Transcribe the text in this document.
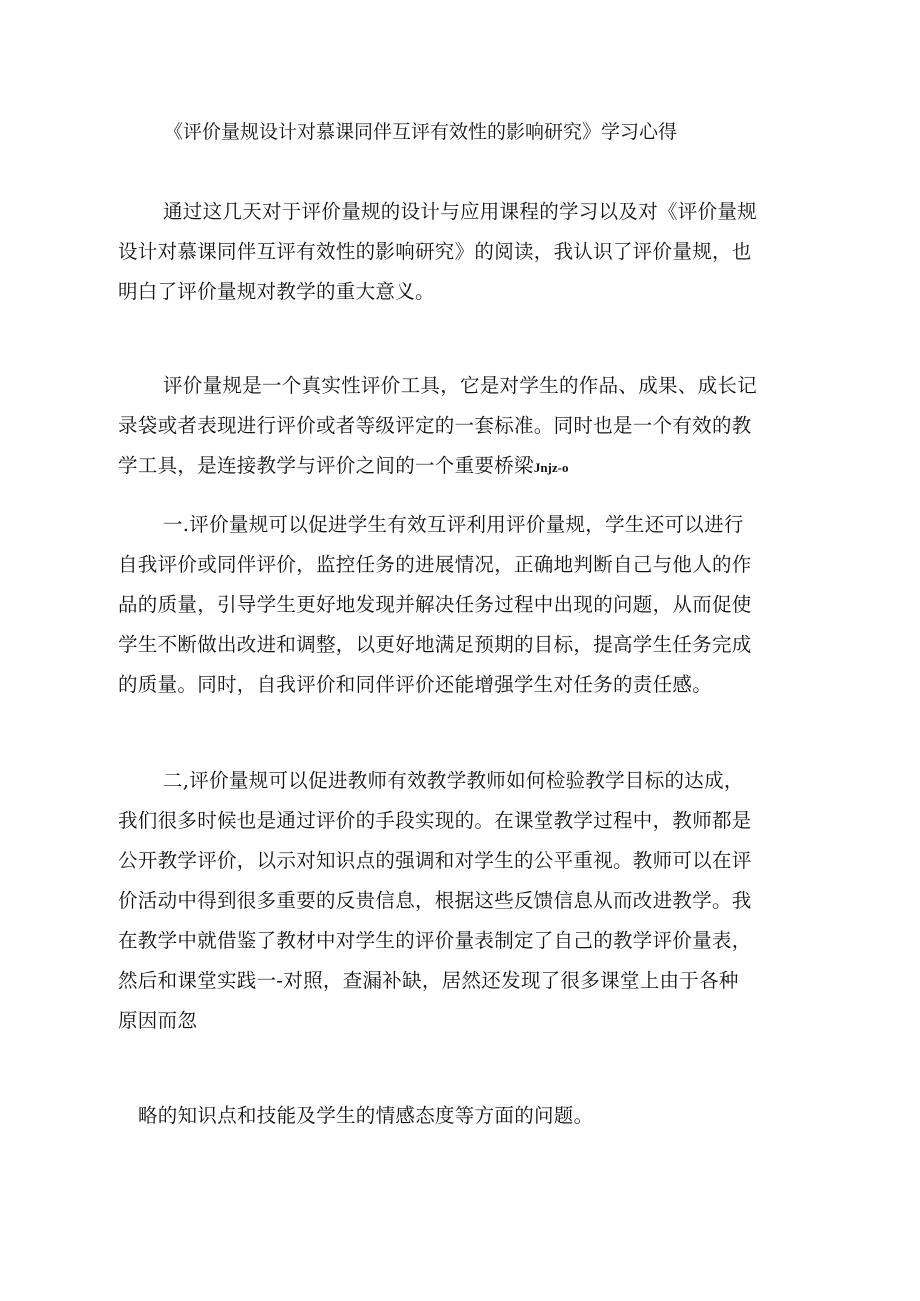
《评价量规设计对慕课同伴互评有效性的影响研究》学习心得
通过这几天对于评价量规的设计与应用课程的学习以及对《评价量规
设计对慕课同伴互评有效性的影响研究》的阅读，我认识了评价量规，也
明白了评价量规对教学的重大意义。
评价量规是一个真实性评价工具，它是对学生的作品、成果、成长记
录袋或者表现进行评价或者等级评定的一套标准。同时也是一个有效的教
学工具，是连接教学与评价之间的一个重要桥梁Jnjz-o
一.评价量规可以促进学生有效互评利用评价量规，学生还可以进行
自我评价或同伴评价，监控任务的进展情况，正确地判断自己与他人的作
品的质量，引导学生更好地发现并解决任务过程中出现的问题，从而促使
学生不断做出改进和调整，以更好地满足预期的目标，提高学生任务完成
的质量。同时，自我评价和同伴评价还能增强学生对任务的责任感。
二,评价量规可以促进教师有效教学教师如何检验教学目标的达成，
我们很多时候也是通过评价的手段实现的。在课堂教学过程中，教师都是
公开教学评价，以示对知识点的强调和对学生的公平重视。教师可以在评
价活动中得到很多重要的反贵信息，根据这些反馈信息从而改进教学。我
在教学中就借鉴了教材中对学生的评价量表制定了自己的教学评价量表，
然后和课堂实践一-对照，查漏补缺，居然还发现了很多课堂上由于各种
原因而忽
略的知识点和技能及学生的情感态度等方面的问题。
